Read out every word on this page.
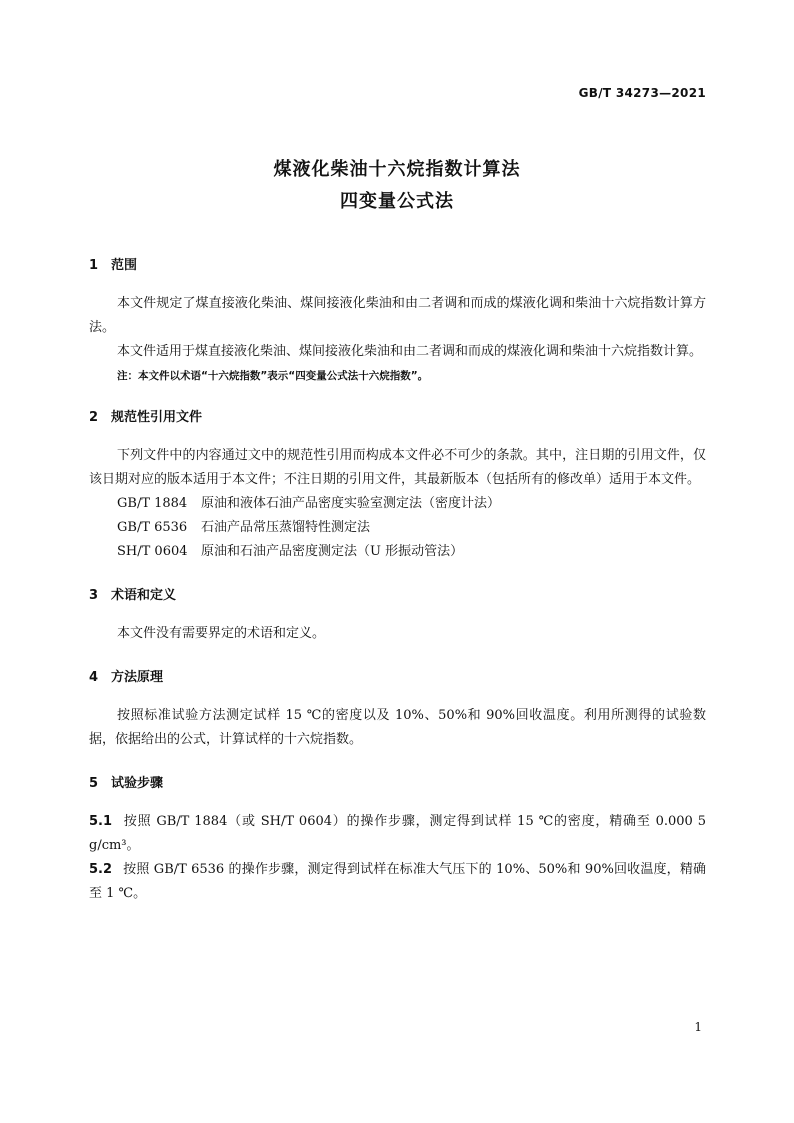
GB/T 34273—2021
煤液化柴油十六烷指数计算法
四变量公式法
1 范围

本文件规定了煤直接液化柴油、煤间接液化柴油和由二者调和而成的煤液化调和柴油十六烷指数计算方法。

本文件适用于煤直接液化柴油、煤间接液化柴油和由二者调和而成的煤液化调和柴油十六烷指数计算。

注：本文件以术语“十六烷指数”表示“四变量公式法十六烷指数”。

2 规范性引用文件

下列文件中的内容通过文中的规范性引用而构成本文件必不可少的条款。其中，注日期的引用文件，仅该日期对应的版本适用于本文件；不注日期的引用文件，其最新版本（包括所有的修改单）适用于本文件。

GB/T 1884 原油和液体石油产品密度实验室测定法（密度计法）

GB/T 6536 石油产品常压蒸馏特性测定法

SH/T 0604 原油和石油产品密度测定法（U 形振动管法）

3 术语和定义

本文件没有需要界定的术语和定义。

4 方法原理

按照标准试验方法测定试样 15 ℃的密度以及 10%、50%和 90%回收温度。利用所测得的试验数据，依据给出的公式，计算试样的十六烷指数。

5 试验步骤

5.1 按照 GB/T 1884（或 SH/T 0604）的操作步骤，测定得到试样 15 ℃的密度，精确至 0.000 5 g/cm³。

5.2 按照 GB/T 6536 的操作步骤，测定得到试样在标准大气压下的 10%、50%和 90%回收温度，精确至 1 ℃。

1
